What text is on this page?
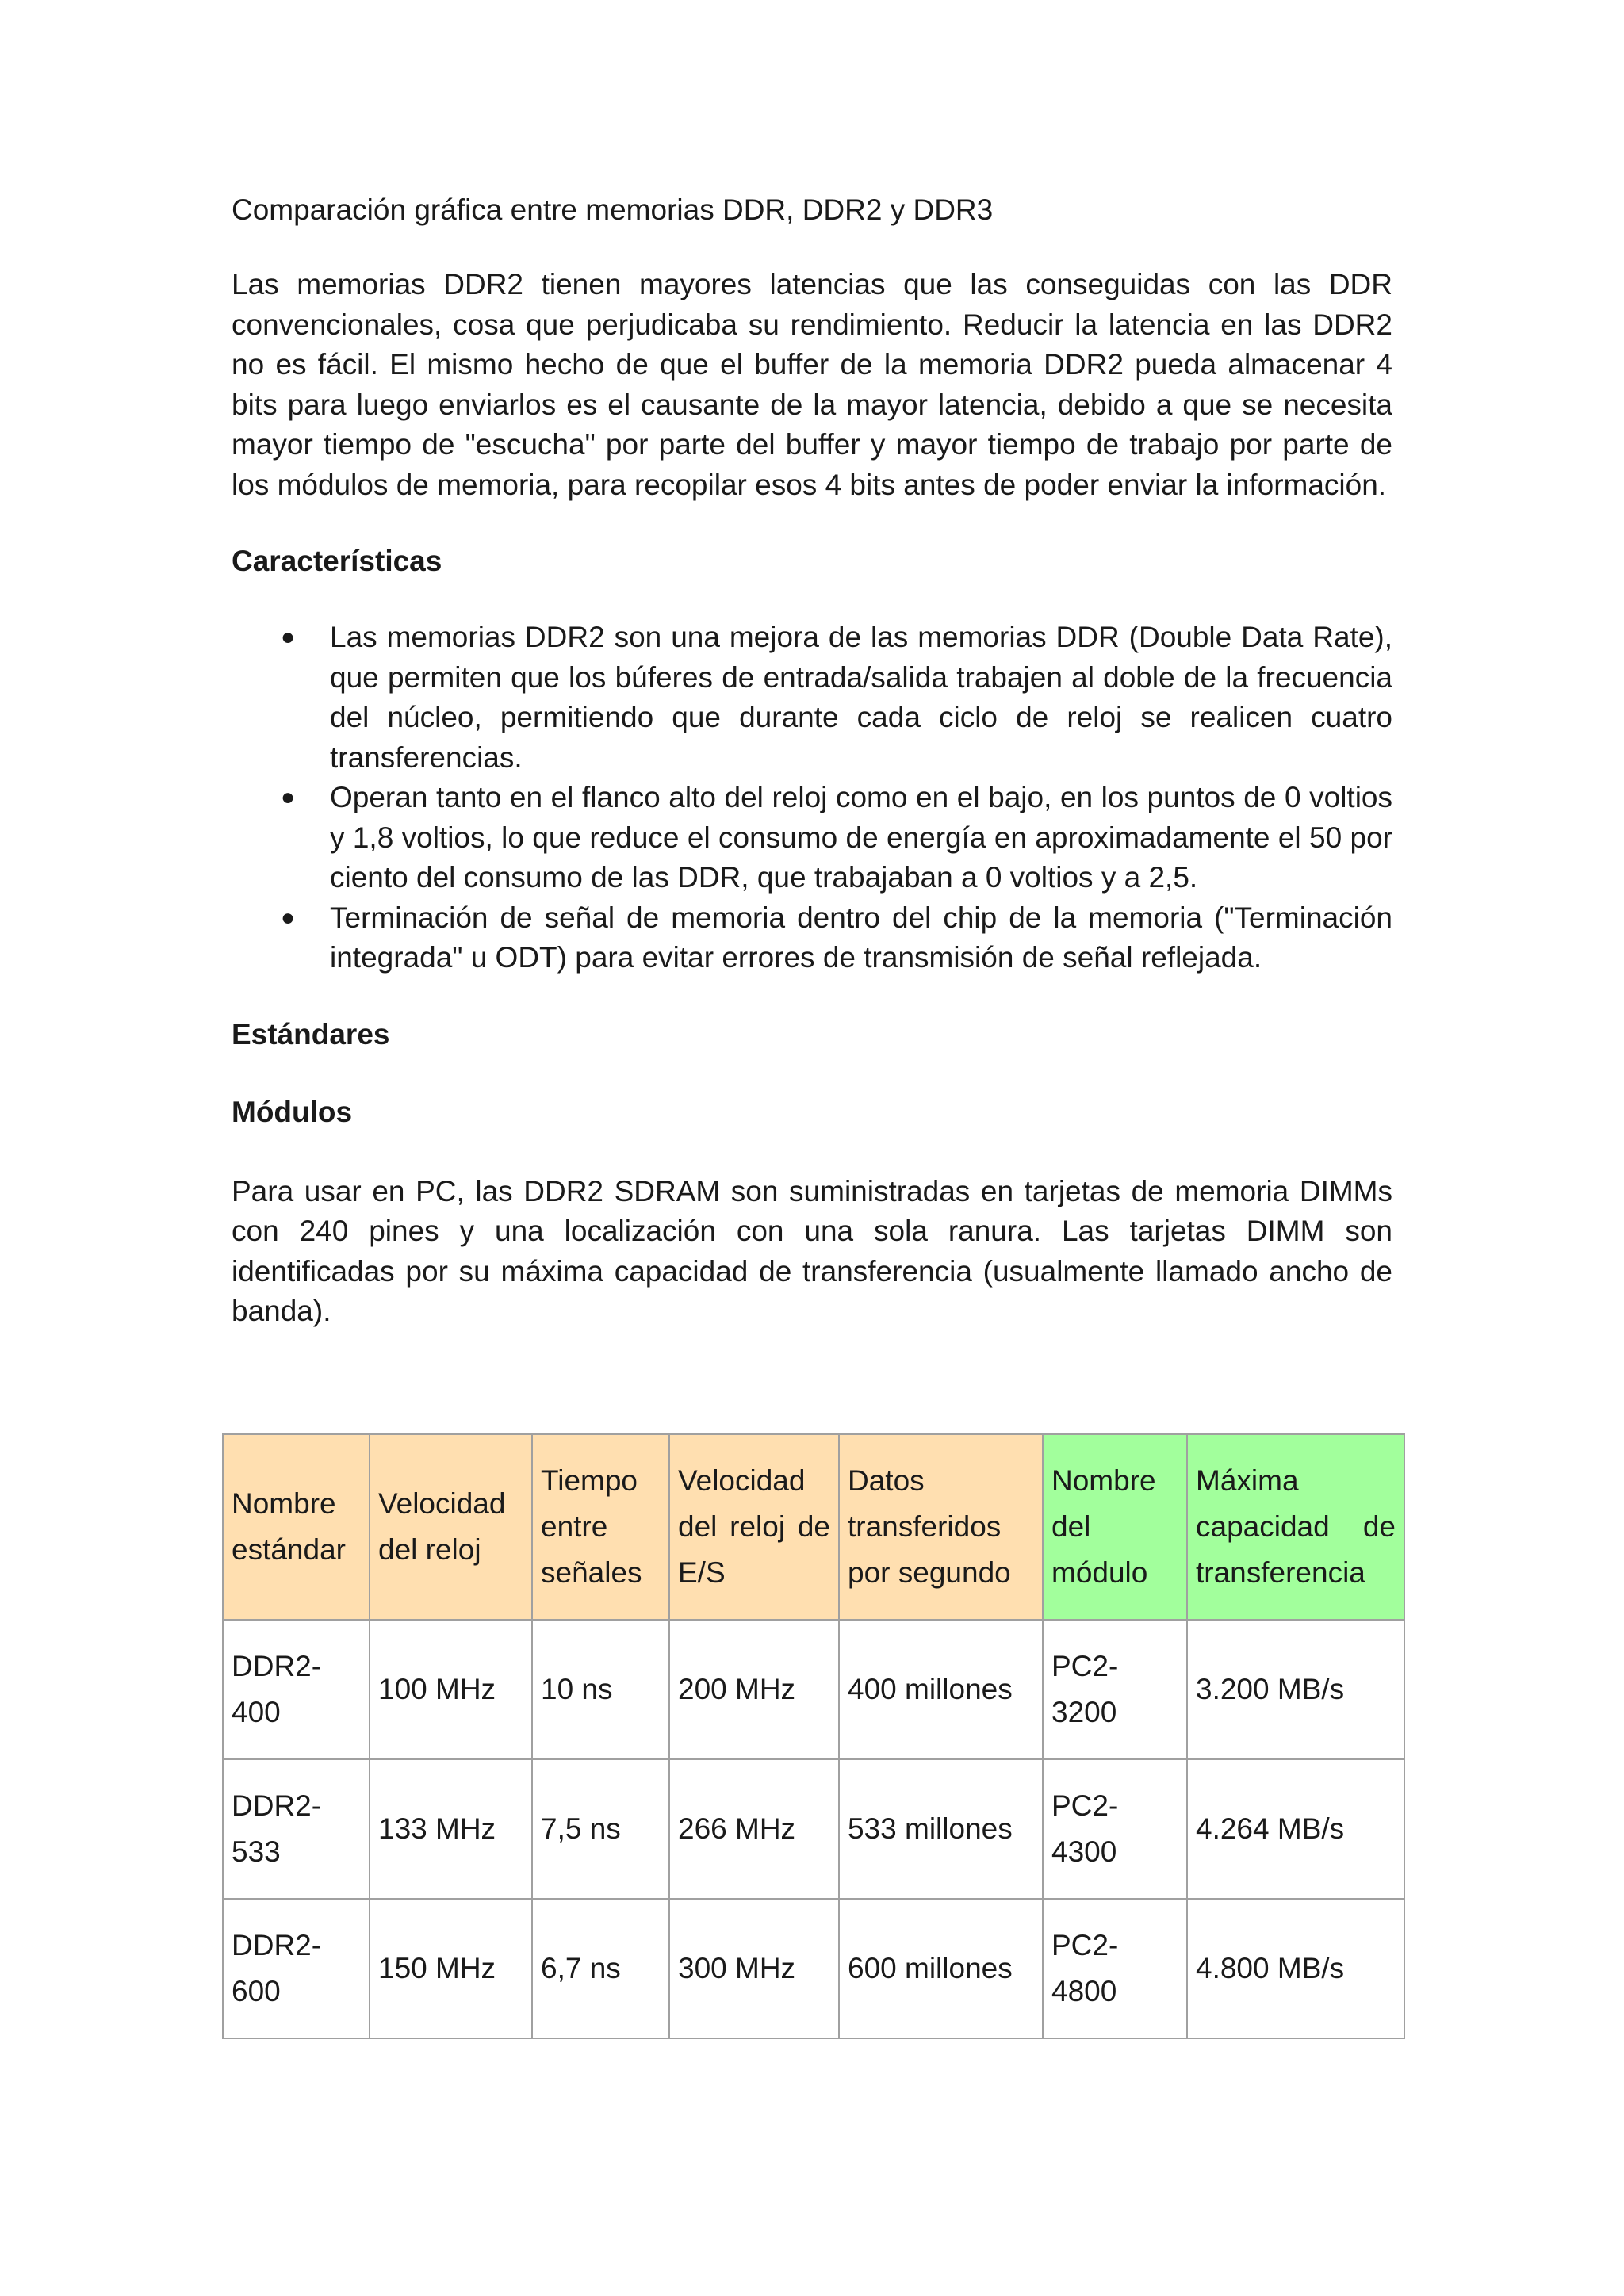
Comparación gráfica entre memorias DDR, DDR2 y DDR3

Las memorias DDR2 tienen mayores latencias que las conseguidas con las DDR convencionales, cosa que perjudicaba su rendimiento. Reducir la latencia en las DDR2 no es fácil. El mismo hecho de que el buffer de la memoria DDR2 pueda almacenar 4 bits para luego enviarlos es el causante de la mayor latencia, debido a que se necesita mayor tiempo de "escucha" por parte del buffer y mayor tiempo de trabajo por parte de los módulos de memoria, para recopilar esos 4 bits antes de poder enviar la información.

Características

● Las memorias DDR2 son una mejora de las memorias DDR (Double Data Rate), que permiten que los búferes de entrada/salida trabajen al doble de la frecuencia del núcleo, permitiendo que durante cada ciclo de reloj se realicen cuatro transferencias.
● Operan tanto en el flanco alto del reloj como en el bajo, en los puntos de 0 voltios y 1,8 voltios, lo que reduce el consumo de energía en aproximadamente el 50 por ciento del consumo de las DDR, que trabajaban a 0 voltios y a 2,5.
● Terminación de señal de memoria dentro del chip de la memoria ("Terminación integrada" u ODT) para evitar errores de transmisión de señal reflejada.

Estándares

Módulos

Para usar en PC, las DDR2 SDRAM son suministradas en tarjetas de memoria DIMMs con 240 pines y una localización con una sola ranura. Las tarjetas DIMM son identificadas por su máxima capacidad de transferencia (usualmente llamado ancho de banda).

Nombre estándar	Velocidad del reloj	Tiempo entre señales	Velocidad del reloj de E/S	Datos transferidos por segundo	Nombre del módulo	Máxima capacidad de transferencia
DDR2-400	100 MHz	10 ns	200 MHz	400 millones	PC2-3200	3.200 MB/s
DDR2-533	133 MHz	7,5 ns	266 MHz	533 millones	PC2-4300	4.264 MB/s
DDR2-600	150 MHz	6,7 ns	300 MHz	600 millones	PC2-4800	4.800 MB/s
